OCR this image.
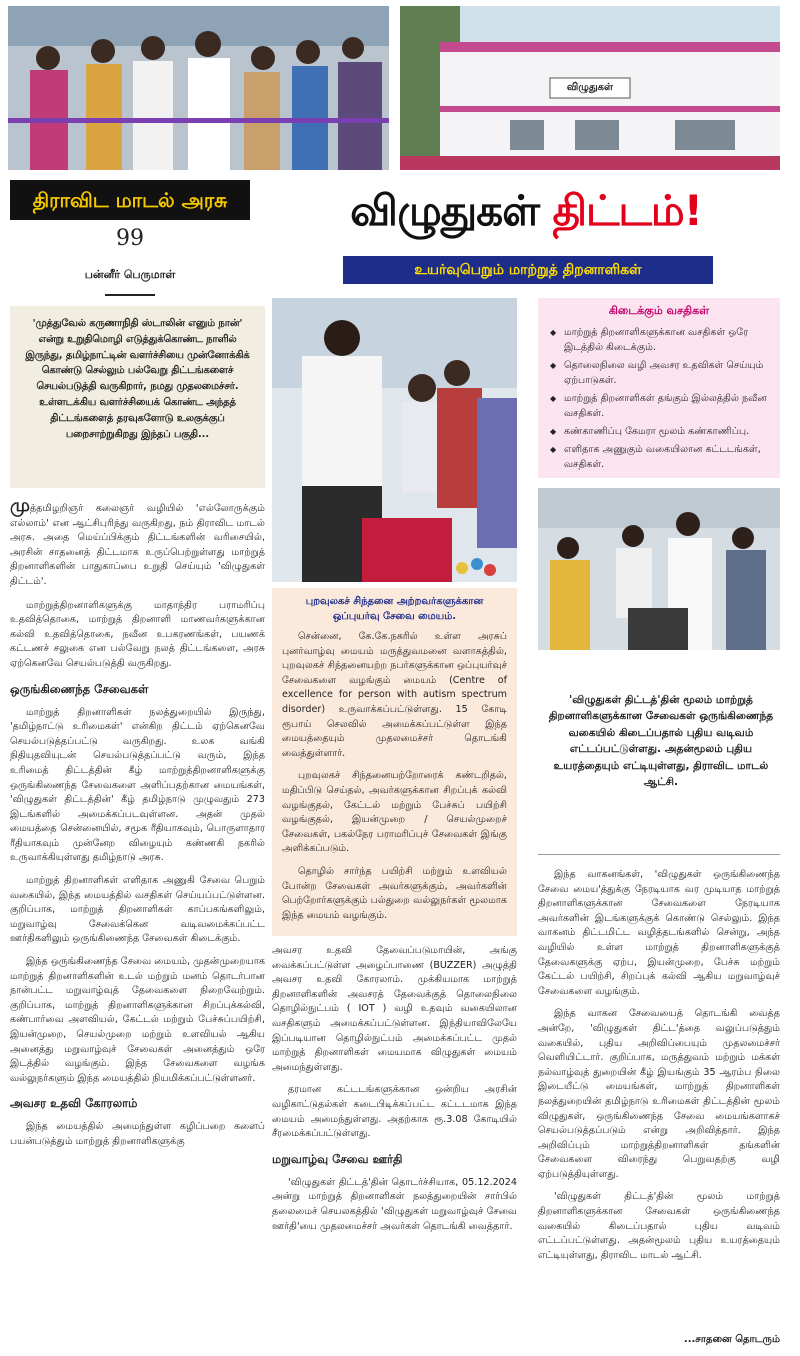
விழுதுகள்
திராவிட மாடல் அரசு
99
விழுதுகள் திட்டம்!
உயர்வுபெறும் மாற்றுத் திறனாளிகள்
பன்னீர் பெருமாள்

'முத்துவேல் கருணாநிதி ஸ்டாலின் எனும் நான்' என்று உறுதிமொழி எடுத்துக்கொண்ட நாளில் இருந்து, தமிழ்நாட்டின் வளர்ச்சியை முன்னோக்கிக் கொண்டு செல்லும் பல்வேறு திட்டங்களைச் செயல்படுத்தி வருகிறார், நமது முதலமைச்சர். உள்ளடக்கிய வளர்ச்சியைக் கொண்ட அந்தத் திட்டங்களைத் தரவுகளோடு உலகுக்குப் பறைசாற்றுகிறது இந்தப் பகுதி...

முத்தமிழறிஞர் கலைஞர் வழியில் 'எல்லோருக்கும் எல்லாம்' என ஆட்சிபுரிந்து வருகிறது, நம் திராவிட மாடல் அரசு. அதை மெய்ப்பிக்கும் திட்டங்களின் வரிசையில், அரசின் சாதனைத் திட்டமாக உருப்பெற்றுள்ளது மாற்றுத் திறனாளிகளின் பாதுகாப்பை உறுதி செய்யும் 'விழுதுகள் திட்டம்'.

மாற்றுத்திறனாளிகளுக்கு மாதாந்திர பராமரிப்பு உதவித்தொகை, மாற்றுத் திறனாளி மாணவர்களுக்கான கல்வி உதவித்தொகை, நவீன உபகரணங்கள், பயணக் கட்டணச் சலுகை என பல்வேறு நலத் திட்டங்களை, அரசு ஏற்கெனவே செயல்படுத்தி வருகிறது.

ஒருங்கிணைந்த சேவைகள்

மாற்றுத் திறனாளிகள் நலத்துறையில் இருந்து, 'தமிழ்நாட்டு உரிமைகள்' என்கிற திட்டம் ஏற்கெனவே செயல்படுத்தப்பட்டு வருகிறது. உலக வங்கி நிதியுதவியுடன் செயல்படுத்தப்பட்டு வரும், இந்த உரிமைத் திட்டத்தின் கீழ் மாற்றுத்திறனாளிகளுக்கு ஒருங்கிணைந்த சேவைகளை அளிப்பதற்கான மையங்கள், 'விழுதுகள் திட்டத்தின்' கீழ் தமிழ்நாடு முழுவதும் 273 இடங்களில் அமைக்கப்படவுள்ளன. அதன் முதல் மையத்தை சென்னையில், சமூக ரீதியாகவும், பொருளாதார ரீதியாகவும் முன்னேற விழையும் கண்ணகி நகரில் உருவாக்கியுள்ளது தமிழ்நாடு அரசு.

மாற்றுத் திறனாளிகள் எளிதாக அணுகி சேவை பெறும் வகையில், இந்த மையத்தில் வசதிகள் செய்யப்பட்டுள்ளன. குறிப்பாக, மாற்றுத் திறனாளிகள் காப்பகங்களிலும், மறுவாழ்வு சேவைக்கென வடிவமைக்கப்பட்ட ஊர்திகளிலும் ஒருங்கிணைந்த சேவைகள் கிடைக்கும்.

இந்த ஒருங்கிணைந்த சேவை மையம், முதன்முறையாக மாற்றுத் திறனாளிகளின் உடல் மற்றும் மனம் தொடர்பான நான்பட்ட மறுவாழ்வுத் தேவைகளை நிறைவேற்றும். குறிப்பாக, மாற்றுத் திறனாளிகளுக்கான சிறப்புக்கல்வி, கண்பார்வை அளவியல், கேட்டல் மற்றும் பேச்சுப்பயிற்சி, இயன்முறை, செயல்முறை மற்றும் உளவியல் ஆகிய அனைத்து மறுவாழ்வுச் சேவைகள் அனைத்தும் ஒரே இடத்தில் வழங்கும். இந்த சேவைகளை வழங்க வல்லுநர்களும் இந்த மையத்தில் நியமிக்கப்பட்டுள்ளனர்.

அவசர உதவி கோரலாம்

இந்த மையத்தில் அமைந்துள்ள கழிப்பறை களைப் பயன்படுத்தும் மாற்றுத் திறனாளிகளுக்கு

புறவுலகச் சிந்தனை அற்றவர்களுக்கான

ஒப்புயர்வு சேவை மையம்.

சென்னை, கே.கே.நகரில் உள்ள அரசுப் புனர்வாழ்வு மையம் மருத்துவமனை வளாகத்தில், புறவுலகச் சிந்தனையற்ற நபர்களுக்கான ஒப்புயர்வுச் சேவைகளை வழங்கும் மையம் (Centre of excellence for person with autism spectrum disorder) உருவாக்கப்பட்டுள்ளது. 15 கோடி ரூபாய் செலவில் அமைக்கப்பட்டுள்ள இந்த மையத்தையும் முதலமைச்சர் தொடங்கி வைத்துள்ளார்.

புறவுலகச் சிந்தனையற்றோரைக் கண்டறிதல், மதிப்பிடு செய்தல், அவர்களுக்கான சிறப்புக் கல்வி வழங்குதல், கேட்டல் மற்றும் பேச்சுப் பயிற்சி வழங்குதல், இயன்முறை / செயல்முறைச் சேவைகள், பகல்நேர பராமரிப்புச் சேவைகள் இங்கு அளிக்கப்படும்.

தொழில் சார்ந்த பயிற்சி மற்றும் உளவியல் போன்ற சேவைகள் அவர்களுக்கும், அவர்களின் பெற்றோர்களுக்கும் பல்துறை வல்லுநர்கள் மூலமாக இந்த மையம் வழங்கும்.

அவசர உதவி தேவைப்படுமாயின், அங்கு வைக்கப்பட்டுள்ள அழைப்பாணை (BUZZER) அழுத்தி அவசர உதவி கோரலாம். முக்கியமாக மாற்றுத் திறனாளிகளின் அவசரத் தேவைக்குத் தொலைநிலை தொழில்நுட்பம் ( IOT ) வழி உதவும் வகையிலான வசதிகளும் அமைக்கப்பட்டுள்ளன. இந்தியாவிலேயே இப்படியான தொழில்நுட்பம் அமைக்கப்பட்ட முதல் மாற்றுத் திறனாளிகள் மையமாக விழுதுகள் மையம் அமைந்துள்ளது.

தரமான கட்டடங்களுக்கான ஒன்றிய அரசின் வழிகாட்டுதல்கள் கடைபிடிக்கப்பட்ட கட்டடமாக இந்த மையம் அமைந்துள்ளது. அதற்காக ரூ.3.08 கோடியில் சீரமைக்கப்பட்டுள்ளது.

மறுவாழ்வு சேவை ஊர்தி

'விழுதுகள் திட்டத்'தின் தொடர்ச்சியாக, 05.12.2024 அன்று மாற்றுத் திறனாளிகள் நலத்துறையின் சார்பில் தலைமைச் செயலகத்தில் 'விழுதுகள் மறுவாழ்வுச் சேவை ஊர்தி'யை முதலமைச்சர் அவர்கள் தொடங்கி வைத்தார்.

கிடைக்கும் வசதிகள்

◆ மாற்றுத் திறனாளிகளுக்கான வசதிகள் ஒரே இடத்தில் கிடைக்கும்.
◆ தொலைநிலை வழி அவசர உதவிகள் செய்யும் ஏற்பாடுகள்.
◆ மாற்றுத் திறனாளிகள் தங்கும் இல்லத்தில் நவீன வசதிகள்.
◆ கண்காணிப்பு கேமரா மூலம் கண்காணிப்பு.
◆ எளிதாக அணுகும் வகையிலான கட்டடங்கள், வசதிகள்.

'விழுதுகள் திட்டத்'தின் மூலம் மாற்றுத் திறனாளிகளுக்கான சேவைகள் ஒருங்கிணைந்த வகையில் கிடைப்பதால் புதிய வடிவம் எட்டப்பட்டுள்ளது. அதன்மூலம் புதிய உயரத்தையும் எட்டியுள்ளது, திராவிட மாடல் ஆட்சி.

இந்த வாகனங்கள், 'விழுதுகள் ஒருங்கிணைந்த சேவை மைய'த்துக்கு நேரடியாக வர முடியாத மாற்றுத் திறனாளிகளுக்கான சேவைகளை நேரடியாக அவர்களின் இடங்களுக்குக் கொண்டு செல்லும். இந்த வாகனம் திட்டமிட்ட வழித்தடங்களில் சென்று, அந்த வழியில் உள்ள மாற்றுத் திறனாளிகளுக்குத் தேவைகளுக்கு ஏற்ப, இயன்முறை, பேச்சு மற்றும் கேட்டல் பயிற்சி, சிறப்புக் கல்வி ஆகிய மறுவாழ்வுச் சேவைகளை வழங்கும்.

இந்த வாகன சேவையைத் தொடங்கி வைத்த அன்றே, 'விழுதுகள் திட்ட'த்தை வலுப்படுத்தும் வகையில், புதிய அறிவிப்பையும் முதலமைச்சர் வெளியிட்டார். குறிப்பாக, மருத்துவம் மற்றும் மக்கள் நல்வாழ்வுத் துறையின் கீழ் இயங்கும் 35 ஆரம்ப நிலை இடையீட்டு மையங்கள், மாற்றுத் திறனாளிகள் நலத்துறையின் தமிழ்நாடு உரிமைகள் திட்டத்தின் மூலம் விழுதுகள், ஒருங்கிணைந்த சேவை மையங்களாகச் செயல்படுத்தப்படும் என்று அறிவித்தார். இந்த அறிவிப்பும் மாற்றுத்திறனாளிகள் தங்களின் சேவைகளை விரைந்து பெறுவதற்கு வழி ஏற்படுத்தியுள்ளது.

'விழுதுகள் திட்டத்'தின் மூலம் மாற்றுத் திறனாளிகளுக்கான சேவைகள் ஒருங்கிணைந்த வகையில் கிடைப்பதால் புதிய வடிவம் எட்டப்பட்டுள்ளது. அதன்மூலம் புதிய உயரத்தையும் எட்டியுள்ளது, திராவிட மாடல் ஆட்சி.

...சாதனை தொடரும்
